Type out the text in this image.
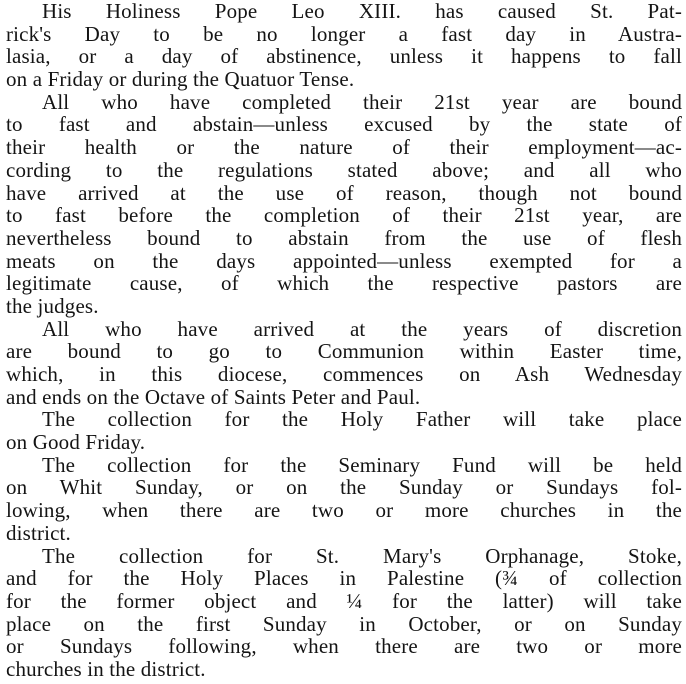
His Holiness Pope Leo XIII. has caused St. Pat-
rick's Day to be no longer a fast day in Austra-
lasia, or a day of abstinence, unless it happens to fall
on a Friday or during the Quatuor Tense.
All who have completed their 21st year are bound
to fast and abstain—unless excused by the state of
their health or the nature of their employment—ac-
cording to the regulations stated above; and all who
have arrived at the use of reason, though not bound
to fast before the completion of their 21st year, are
nevertheless bound to abstain from the use of flesh
meats on the days appointed—unless exempted for a
legitimate cause, of which the respective pastors are
the judges.
All who have arrived at the years of discretion
are bound to go to Communion within Easter time,
which, in this diocese, commences on Ash Wednesday
and ends on the Octave of Saints Peter and Paul.
The collection for the Holy Father will take place
on Good Friday.
The collection for the Seminary Fund will be held
on Whit Sunday, or on the Sunday or Sundays fol-
lowing, when there are two or more churches in the
district.
The collection for St. Mary's Orphanage, Stoke,
and for the Holy Places in Palestine (¾ of collection
for the former object and ¼ for the latter) will take
place on the first Sunday in October, or on Sunday
or Sundays following, when there are two or more
churches in the district.
